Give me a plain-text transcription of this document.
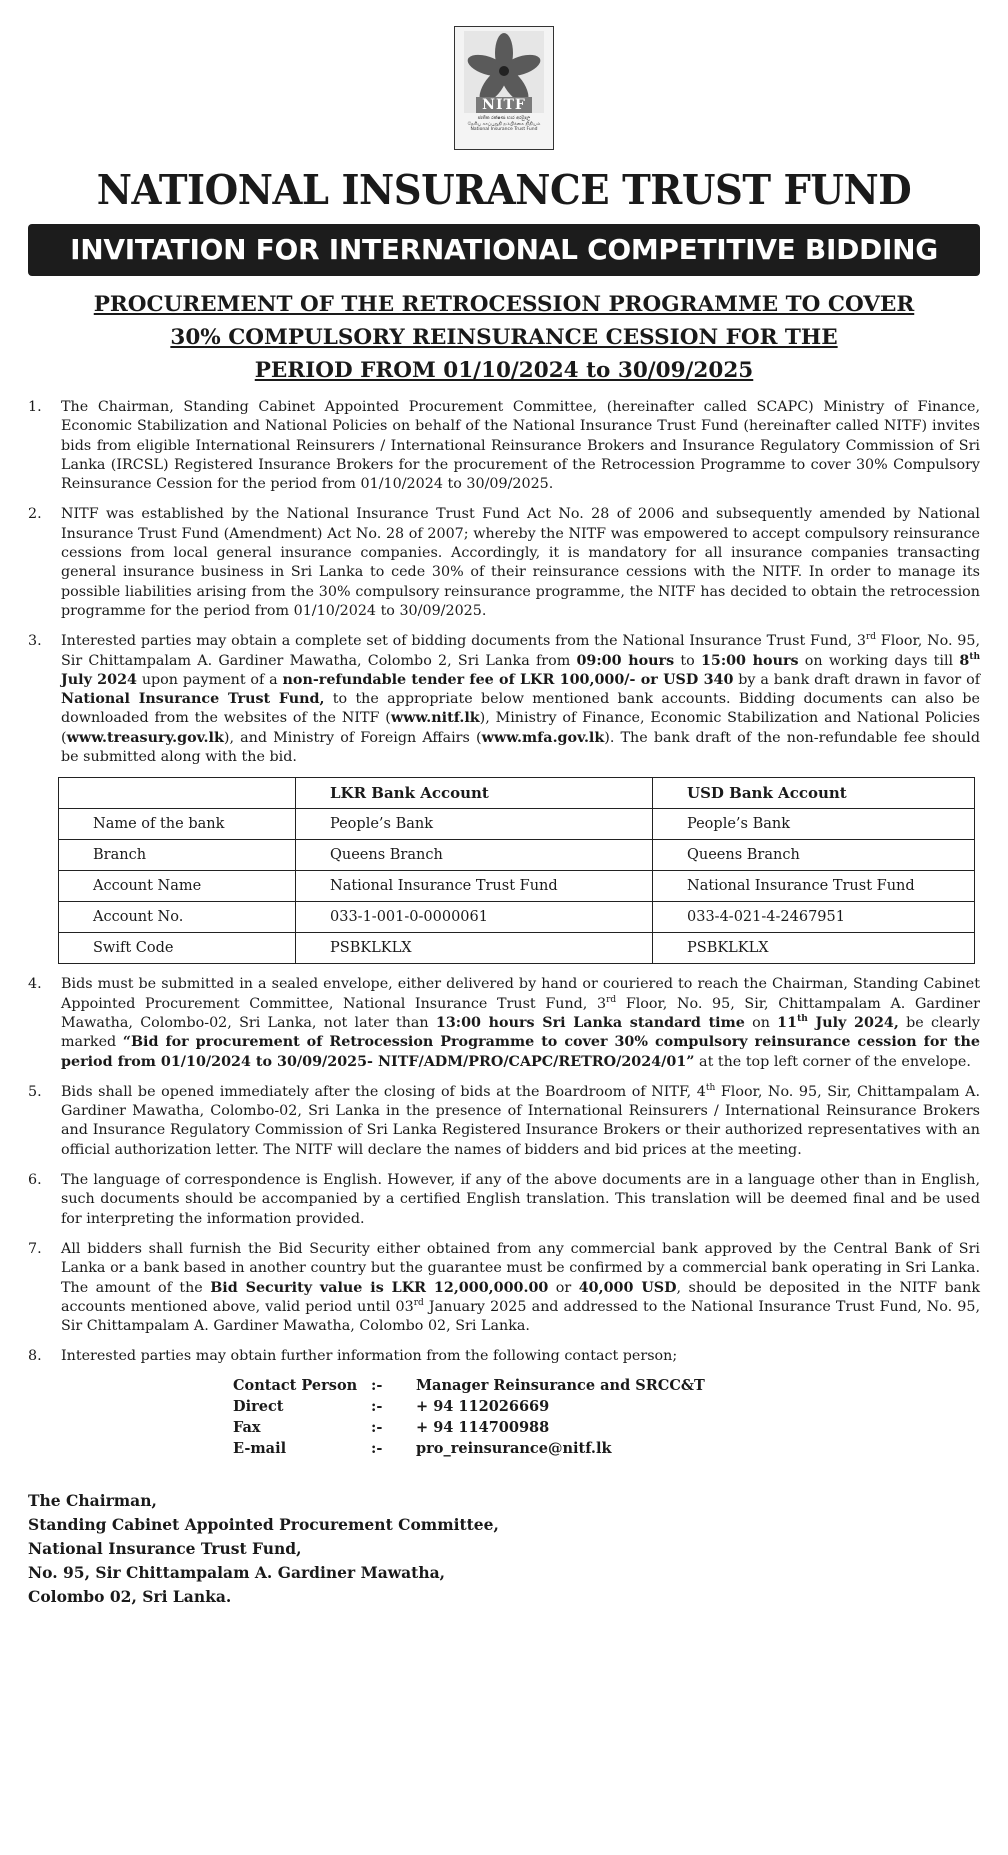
NITF
ජාතික රක්ෂණ භාර අරමුදල
தேசிய காப்புறுதி நம்பிக்கை நிதியம்
National Insurance Trust Fund
NATIONAL INSURANCE TRUST FUND
INVITATION FOR INTERNATIONAL COMPETITIVE BIDDING
PROCUREMENT OF THE RETROCESSION PROGRAMME TO COVER
30% COMPULSORY REINSURANCE CESSION FOR THE
PERIOD FROM 01/10/2024 to 30/09/2025
1.	The Chairman, Standing Cabinet Appointed Procurement Committee, (hereinafter called SCAPC) Ministry of Finance, Economic Stabilization and National Policies on behalf of the National Insurance Trust Fund (hereinafter called NITF) invites bids from eligible International Reinsurers / International Reinsurance Brokers and Insurance Regulatory Commission of Sri Lanka (IRCSL) Registered Insurance Brokers for the procurement of the Retrocession Programme to cover 30% Compulsory Reinsurance Cession for the period from 01/10/2024 to 30/09/2025.
2.	NITF was established by the National Insurance Trust Fund Act No. 28 of 2006 and subsequently amended by National Insurance Trust Fund (Amendment) Act No. 28 of 2007; whereby the NITF was empowered to accept compulsory reinsurance cessions from local general insurance companies. Accordingly, it is mandatory for all insurance companies transacting general insurance business in Sri Lanka to cede 30% of their reinsurance cessions with the NITF. In order to manage its possible liabilities arising from the 30% compulsory reinsurance programme, the NITF has decided to obtain the retrocession programme for the period from 01/10/2024 to 30/09/2025.
3.	Interested parties may obtain a complete set of bidding documents from the National Insurance Trust Fund, 3rd Floor, No. 95, Sir Chittampalam A. Gardiner Mawatha, Colombo 2, Sri Lanka from 09:00 hours to 15:00 hours on working days till 8th July 2024 upon payment of a non-refundable tender fee of LKR 100,000/- or USD 340 by a bank draft drawn in favor of National Insurance Trust Fund, to the appropriate below mentioned bank accounts. Bidding documents can also be downloaded from the websites of the NITF (www.nitf.lk), Ministry of Finance, Economic Stabilization and National Policies (www.treasury.gov.lk), and Ministry of Foreign Affairs (www.mfa.gov.lk). The bank draft of the non-refundable fee should be submitted along with the bid.
	LKR Bank Account	USD Bank Account
Name of the bank	People’s Bank	People’s Bank
Branch	Queens Branch	Queens Branch
Account Name	National Insurance Trust Fund	National Insurance Trust Fund
Account No.	033-1-001-0-0000061	033-4-021-4-2467951
Swift Code	PSBKLKLX	PSBKLKLX
4.	Bids must be submitted in a sealed envelope, either delivered by hand or couriered to reach the Chairman, Standing Cabinet Appointed Procurement Committee, National Insurance Trust Fund, 3rd Floor, No. 95, Sir, Chittampalam A. Gardiner Mawatha, Colombo-02, Sri Lanka, not later than 13:00 hours Sri Lanka standard time on 11th July 2024, be clearly marked “Bid for procurement of Retrocession Programme to cover 30% compulsory reinsurance cession for the period from 01/10/2024 to 30/09/2025- NITF/ADM/PRO/CAPC/RETRO/2024/01” at the top left corner of the envelope.
5.	Bids shall be opened immediately after the closing of bids at the Boardroom of NITF, 4th Floor, No. 95, Sir, Chittampalam A. Gardiner Mawatha, Colombo-02, Sri Lanka in the presence of International Reinsurers / International Reinsurance Brokers and Insurance Regulatory Commission of Sri Lanka Registered Insurance Brokers or their authorized representatives with an official authorization letter. The NITF will declare the names of bidders and bid prices at the meeting.
6.	The language of correspondence is English. However, if any of the above documents are in a language other than in English, such documents should be accompanied by a certified English translation. This translation will be deemed final and be used for interpreting the information provided.
7.	All bidders shall furnish the Bid Security either obtained from any commercial bank approved by the Central Bank of Sri Lanka or a bank based in another country but the guarantee must be confirmed by a commercial bank operating in Sri Lanka. The amount of the Bid Security value is LKR 12,000,000.00 or 40,000 USD, should be deposited in the NITF bank accounts mentioned above, valid period until 03rd January 2025 and addressed to the National Insurance Trust Fund, No. 95, Sir Chittampalam A. Gardiner Mawatha, Colombo 02, Sri Lanka.
8.	Interested parties may obtain further information from the following contact person;
Contact Person :-	Manager Reinsurance and SRCC&T
Direct	:-	+ 94 112026669
Fax	:-	+ 94 114700988
E-mail	:-	pro_reinsurance@nitf.lk
The Chairman,
Standing Cabinet Appointed Procurement Committee,
National Insurance Trust Fund,
No. 95, Sir Chittampalam A. Gardiner Mawatha,
Colombo 02, Sri Lanka.
